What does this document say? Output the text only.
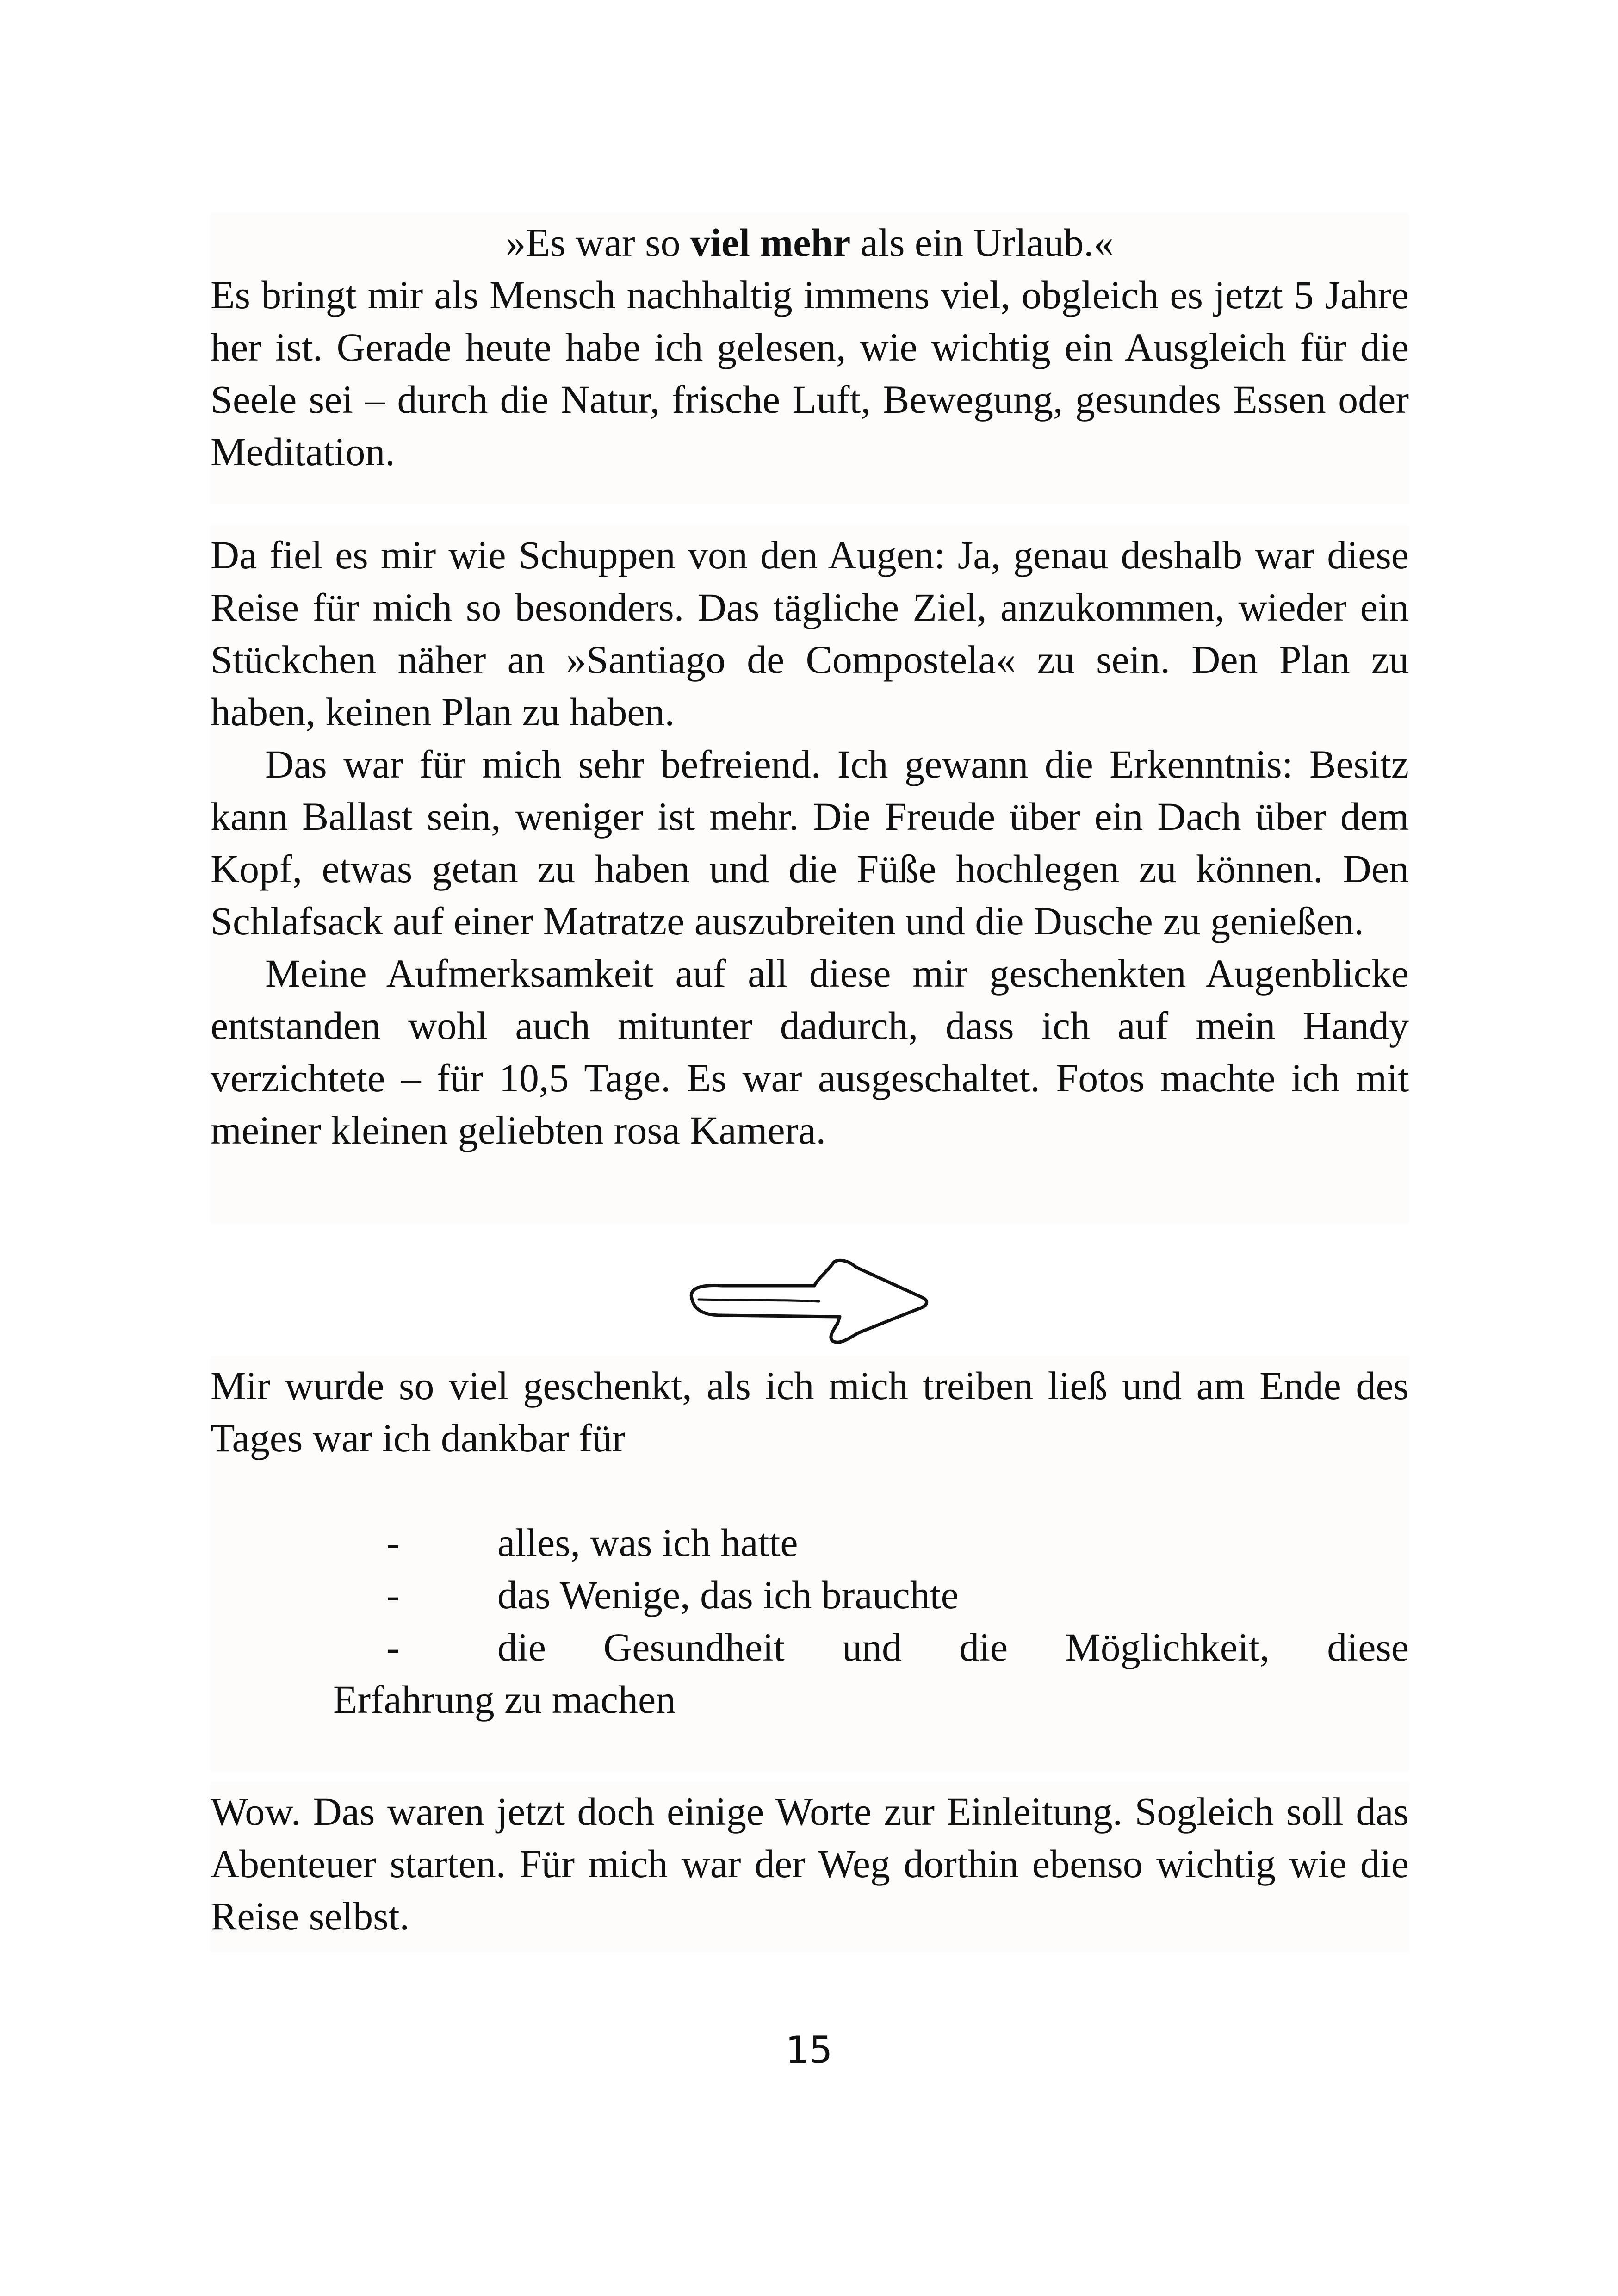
»Es war so viel mehr als ein Urlaub.«

Es bringt mir als Mensch nachhaltig immens viel, obgleich es jetzt 5 Jahre her ist. Gerade heute habe ich gelesen, wie wichtig ein Ausgleich für die Seele sei – durch die Natur, frische Luft, Bewegung, gesundes Essen oder Meditation.

Da fiel es mir wie Schuppen von den Augen: Ja, genau deshalb war diese Reise für mich so besonders. Das tägliche Ziel, anzukommen, wieder ein Stückchen näher an »Santiago de Compostela« zu sein. Den Plan zu haben, keinen Plan zu haben.

Das war für mich sehr befreiend. Ich gewann die Erkenntnis: Besitz kann Ballast sein, weniger ist mehr. Die Freude über ein Dach über dem Kopf, etwas getan zu haben und die Füße hochlegen zu können. Den Schlafsack auf einer Matratze auszubreiten und die Dusche zu genießen.

Meine Aufmerksamkeit auf all diese mir geschenkten Augenblicke entstanden wohl auch mitunter dadurch, dass ich auf mein Handy verzichtete – für 10,5 Tage. Es war ausgeschaltet. Fotos machte ich mit meiner kleinen geliebten rosa Kamera.

Mir wurde so viel geschenkt, als ich mich treiben ließ und am Ende des Tages war ich dankbar für

- alles, was ich hatte
- das Wenige, das ich brauchte
- die Gesundheit und die Möglichkeit, diese
Erfahrung zu machen

Wow. Das waren jetzt doch einige Worte zur Einleitung. Sogleich soll das Abenteuer starten. Für mich war der Weg dorthin ebenso wichtig wie die Reise selbst.

15
